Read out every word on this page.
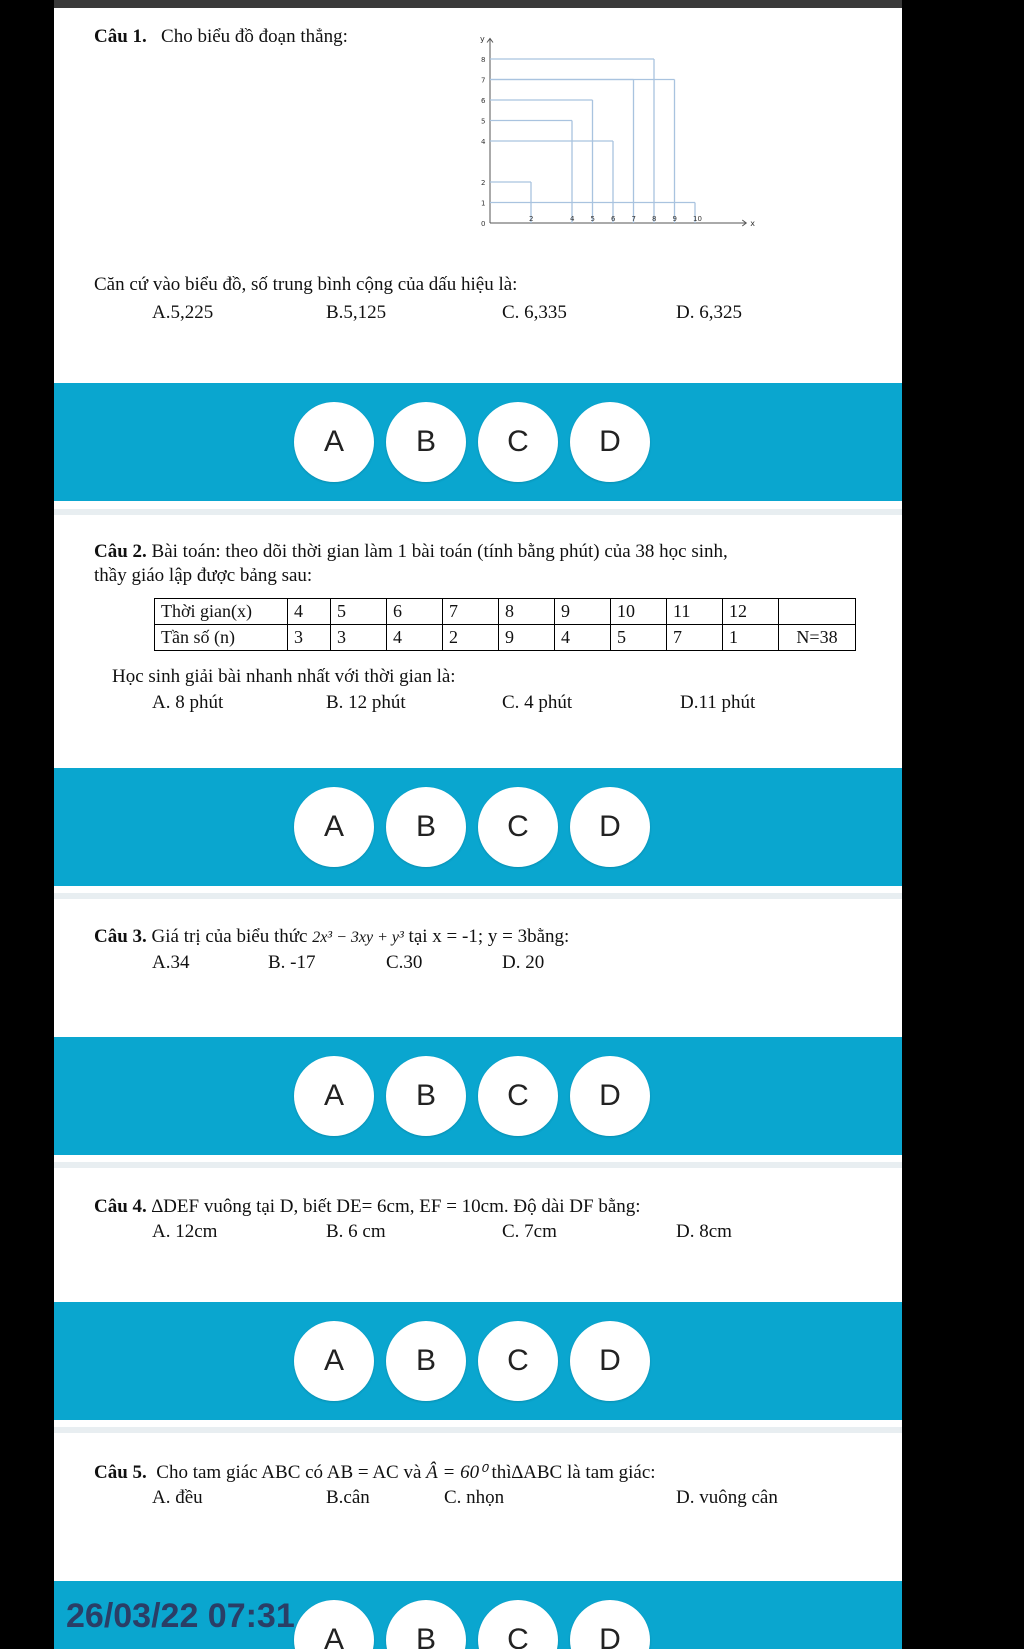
Câu 1. Cho biểu đồ đoạn thẳng:	y
x
0
1
2
4
5
6
7
8
2	4 5 6 7 8 9 10
Căn cứ vào biểu đồ, số trung bình cộng của dấu hiệu là:
A.5,225	B.5,125	C. 6,335	D. 6,325
A	B	C	D
Câu 2. Bài toán: theo dõi thời gian làm 1 bài toán (tính bằng phút) của 38 học sinh,
thầy giáo lập được bảng sau:
Thời gian(x)	4	5	6	7	8	9	10	11	12	
Tần số (n)	3	3	4	2	9	4	5	7	1	N=38
Học sinh giải bài nhanh nhất với thời gian là:
A. 8 phút	B. 12 phút	C. 4 phút	D.11 phút
A	B	C	D
Câu 3. Giá trị của biểu thức 2x³ − 3xy + y³ tại x = -1; y = 3bằng:
A.34	B. -17	C.30	D. 20
A	B	C	D
Câu 4. ∆DEF vuông tại D, biết DE= 6cm, EF = 10cm. Độ dài DF bằng:
A. 12cm	B. 6 cm	C. 7cm	D. 8cm
A	B	C	D
Câu 5. Cho tam giác ABC có AB = AC và Â = 60⁰ thì∆ABC là tam giác:
A. đều	B.cân	C. nhọn	D. vuông cân
A	B	C	D
26/03/22 07:31
